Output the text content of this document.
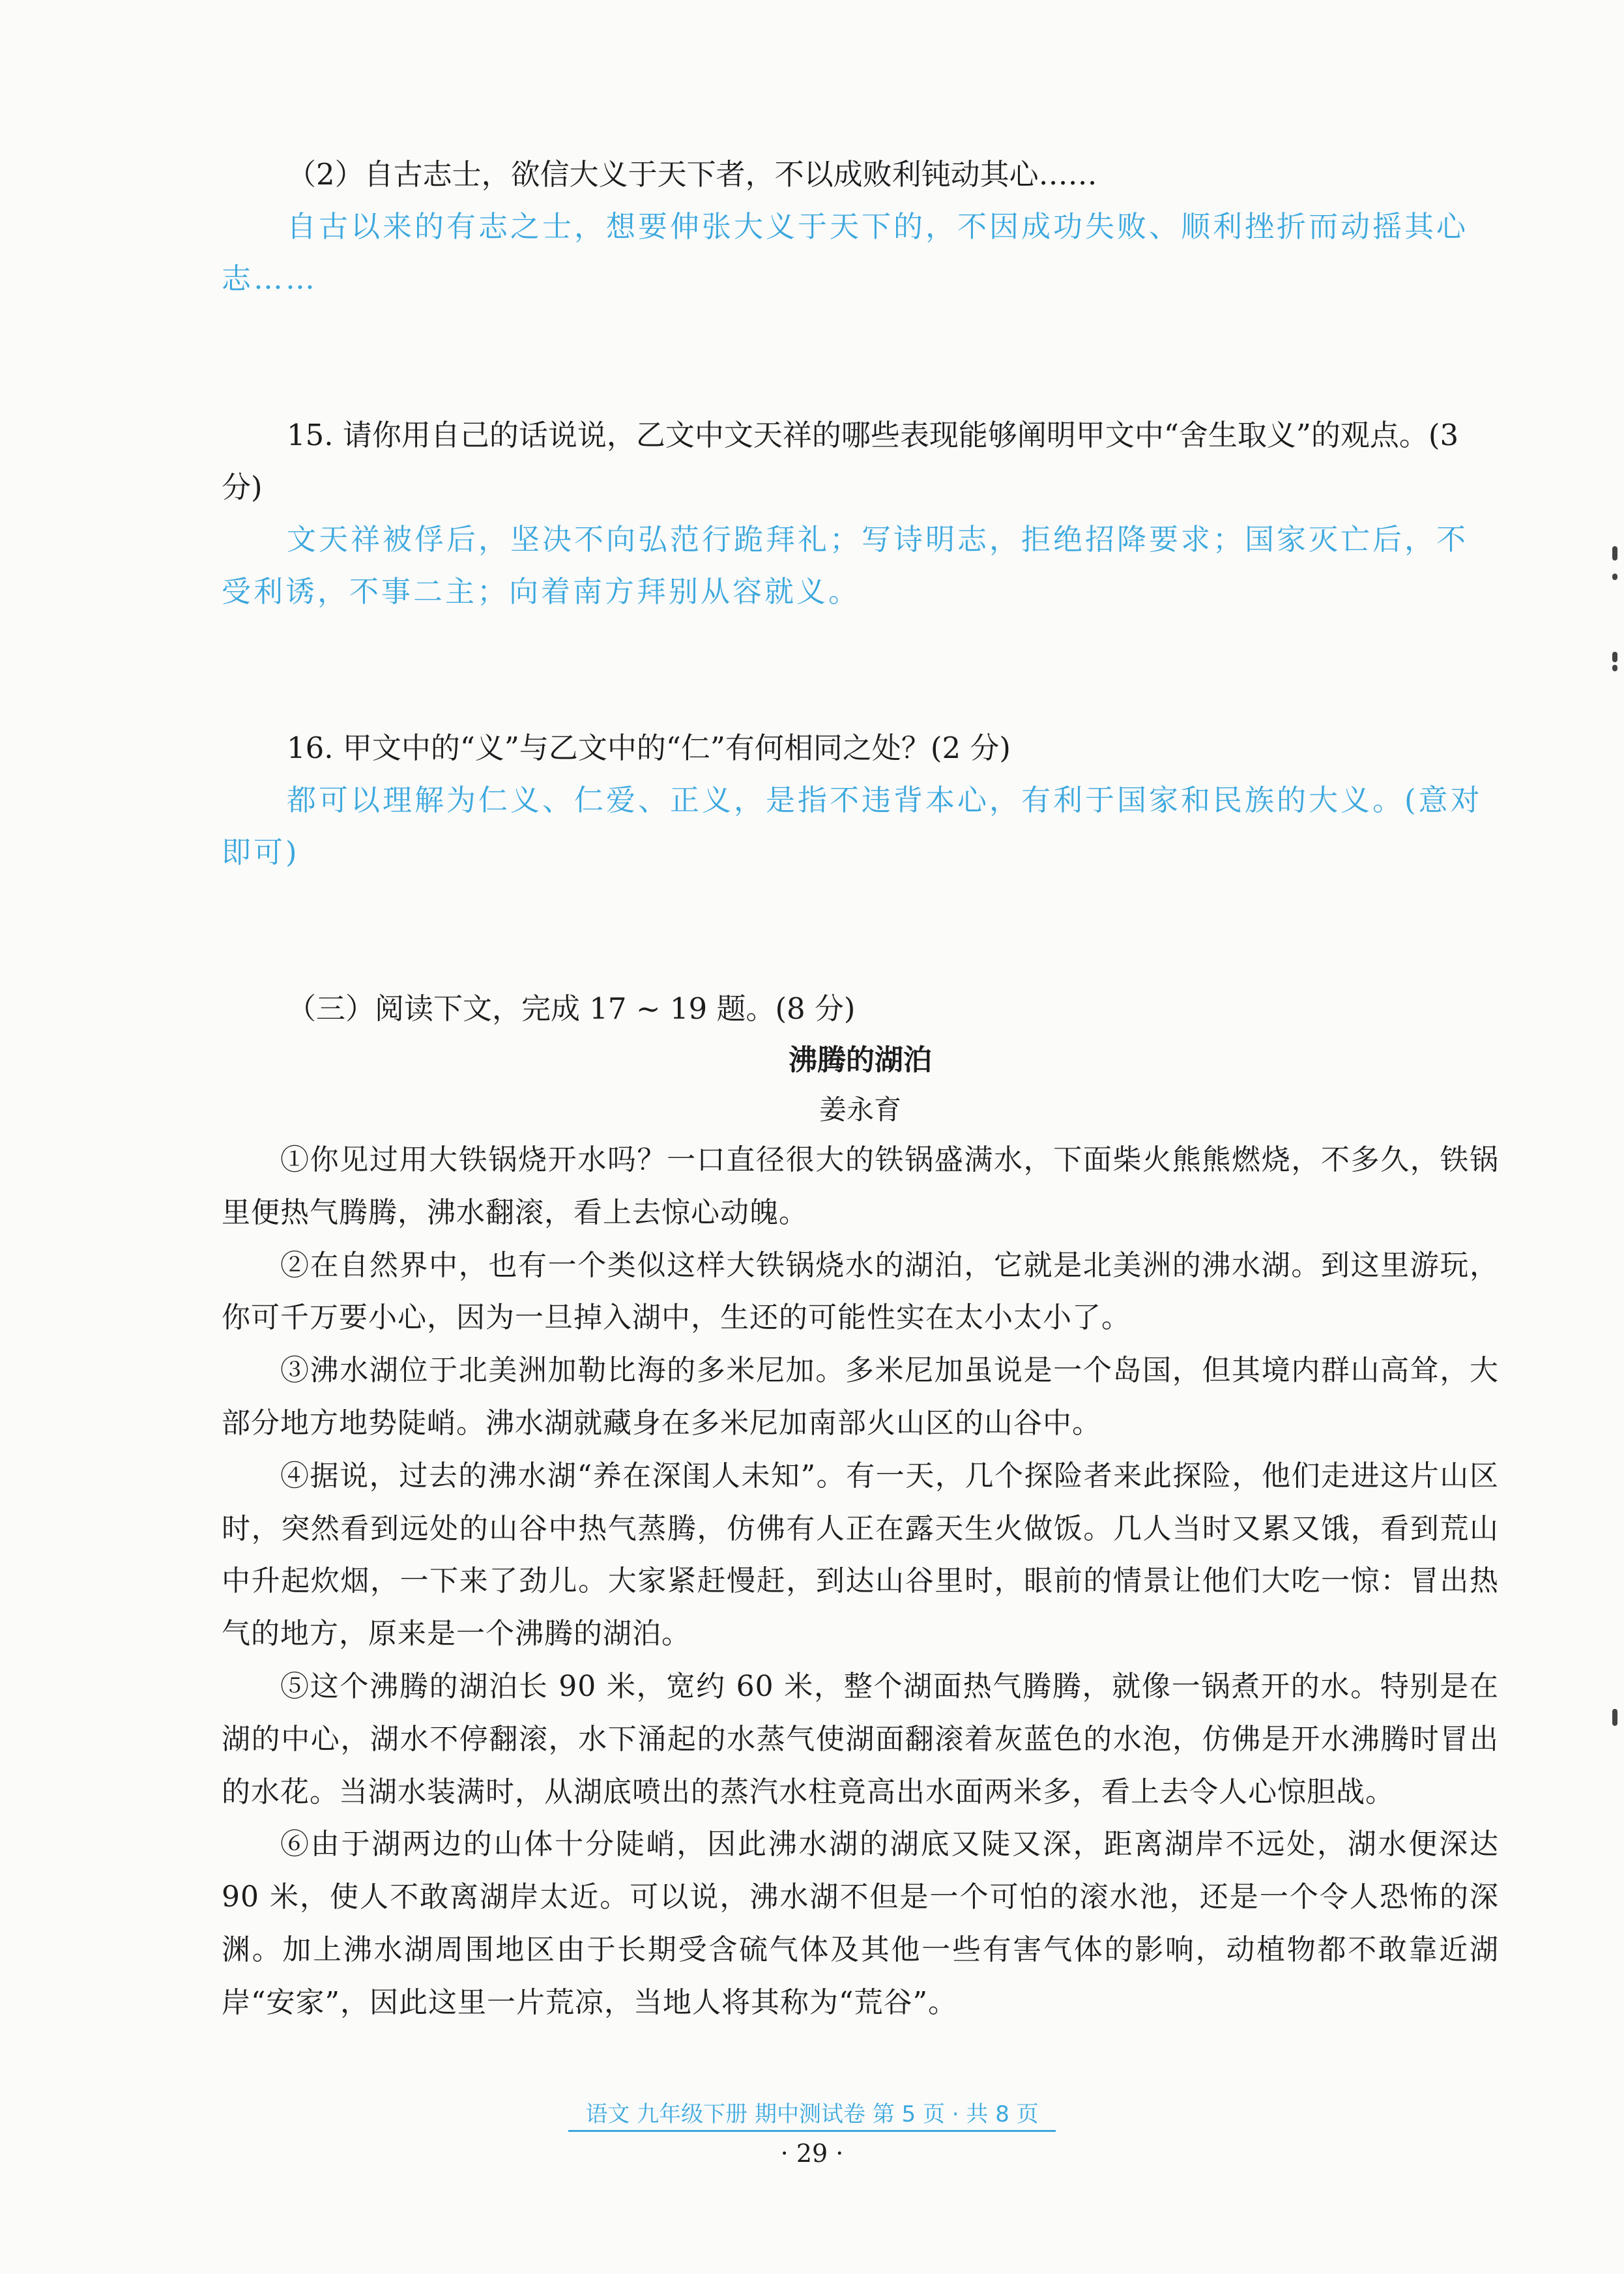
（2）自古志士，欲信大义于天下者，不以成败利钝动其心……

自古以来的有志之士，想要伸张大义于天下的，不因成功失败、顺利挫折而动摇其心志……

15. 请你用自己的话说说，乙文中文天祥的哪些表现能够阐明甲文中“舍生取义”的观点。(3 分)

文天祥被俘后，坚决不向弘范行跪拜礼；写诗明志，拒绝招降要求；国家灭亡后，不受利诱，不事二主；向着南方拜别从容就义。

16. 甲文中的“义”与乙文中的“仁”有何相同之处？(2 分)

都可以理解为仁义、仁爱、正义，是指不违背本心，有利于国家和民族的大义。(意对即可)

（三）阅读下文，完成 17 ~ 19 题。(8 分)

沸腾的湖泊

姜永育

①你见过用大铁锅烧开水吗？一口直径很大的铁锅盛满水，下面柴火熊熊燃烧，不多久，铁锅里便热气腾腾，沸水翻滚，看上去惊心动魄。

②在自然界中，也有一个类似这样大铁锅烧水的湖泊，它就是北美洲的沸水湖。到这里游玩，你可千万要小心，因为一旦掉入湖中，生还的可能性实在太小太小了。

③沸水湖位于北美洲加勒比海的多米尼加。多米尼加虽说是一个岛国，但其境内群山高耸，大部分地方地势陡峭。沸水湖就藏身在多米尼加南部火山区的山谷中。

④据说，过去的沸水湖“养在深闺人未知”。有一天，几个探险者来此探险，他们走进这片山区时，突然看到远处的山谷中热气蒸腾，仿佛有人正在露天生火做饭。几人当时又累又饿，看到荒山中升起炊烟，一下来了劲儿。大家紧赶慢赶，到达山谷里时，眼前的情景让他们大吃一惊：冒出热气的地方，原来是一个沸腾的湖泊。

⑤这个沸腾的湖泊长 90 米，宽约 60 米，整个湖面热气腾腾，就像一锅煮开的水。特别是在湖的中心，湖水不停翻滚，水下涌起的水蒸气使湖面翻滚着灰蓝色的水泡，仿佛是开水沸腾时冒出的水花。当湖水装满时，从湖底喷出的蒸汽水柱竟高出水面两米多，看上去令人心惊胆战。

⑥由于湖两边的山体十分陡峭，因此沸水湖的湖底又陡又深，距离湖岸不远处，湖水便深达 90 米，使人不敢离湖岸太近。可以说，沸水湖不但是一个可怕的滚水池，还是一个令人恐怖的深渊。加上沸水湖周围地区由于长期受含硫气体及其他一些有害气体的影响，动植物都不敢靠近湖岸“安家”，因此这里一片荒凉，当地人将其称为“荒谷”。

语文 九年级下册 期中测试卷 第 5 页 · 共 8 页
· 29 ·
